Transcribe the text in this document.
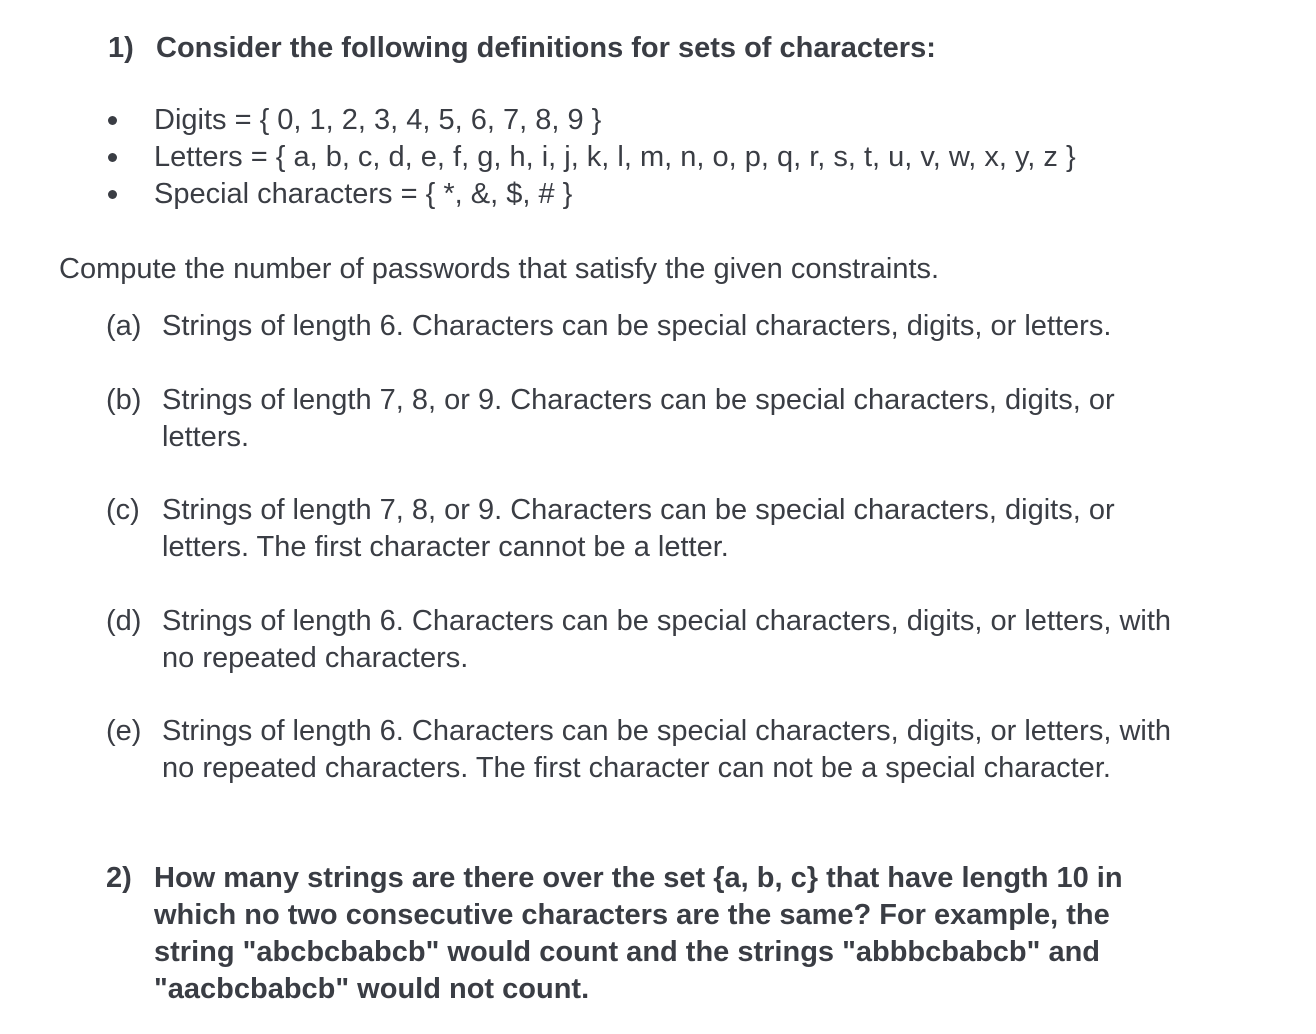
1) Consider the following definitions for sets of characters:
Digits = { 0, 1, 2, 3, 4, 5, 6, 7, 8, 9 }
Letters = { a, b, c, d, e, f, g, h, i, j, k, l, m, n, o, p, q, r, s, t, u, v, w, x, y, z }
Special characters = { *, &, $, # }
Compute the number of passwords that satisfy the given constraints.
(a) Strings of length 6. Characters can be special characters, digits, or letters.
(b) Strings of length 7, 8, or 9. Characters can be special characters, digits, or
letters.
(c) Strings of length 7, 8, or 9. Characters can be special characters, digits, or
letters. The first character cannot be a letter.
(d) Strings of length 6. Characters can be special characters, digits, or letters, with
no repeated characters.
(e) Strings of length 6. Characters can be special characters, digits, or letters, with
no repeated characters. The first character can not be a special character.
2) How many strings are there over the set {a, b, c} that have length 10 in
which no two consecutive characters are the same? For example, the
string "abcbcbabcb" would count and the strings "abbbcbabcb" and
"aacbcbabcb" would not count.
